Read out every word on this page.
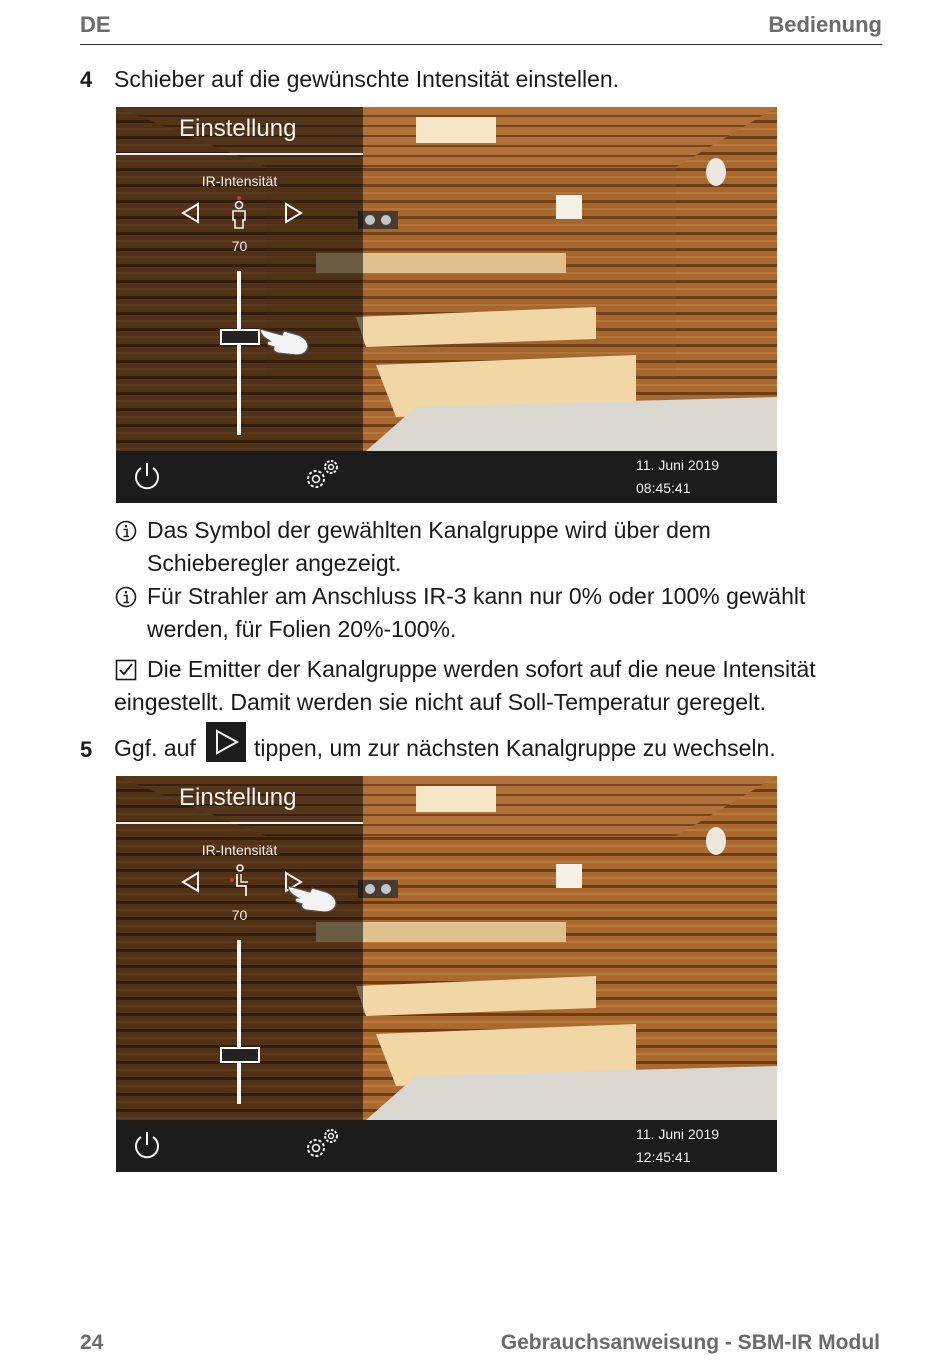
DE	Bedienung
4 Schieber auf die gewünschte Intensität einstellen.
Einstellung
IR-Intensität
70
11. Juni 2019
08:45:41
Das Symbol der gewählten Kanalgruppe wird über dem
Schieberegler angezeigt.
Für Strahler am Anschluss IR-3 kann nur 0% oder 100% gewählt
werden, für Folien 20%-100%.
Die Emitter der Kanalgruppe werden sofort auf die neue Intensität
eingestellt. Damit werden sie nicht auf Soll-Temperatur geregelt.
5 Ggf. auf	tippen, um zur nächsten Kanalgruppe zu wechseln.
Einstellung
IR-Intensität
70
11. Juni 2019
12:45:41
24	Gebrauchsanweisung - SBM-IR Modul
